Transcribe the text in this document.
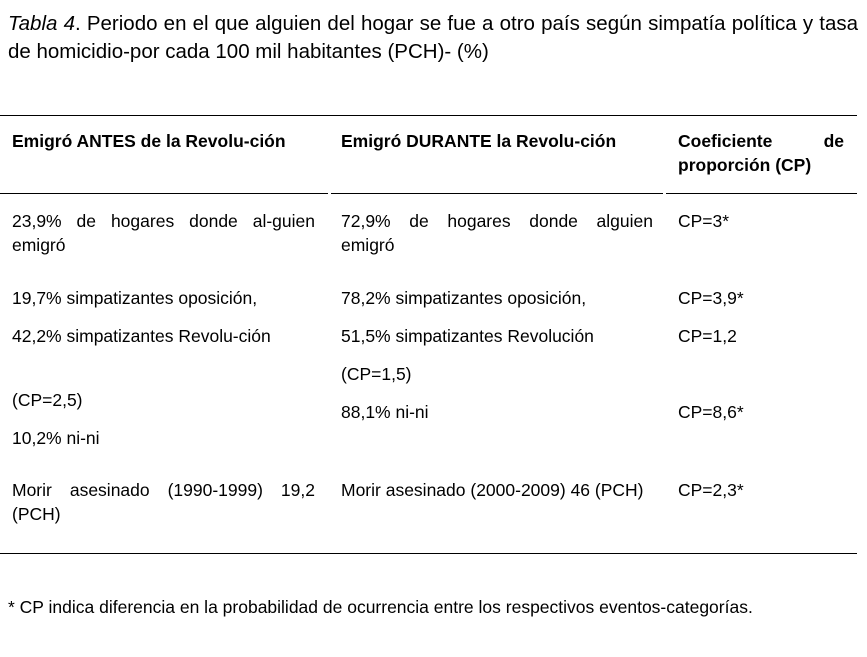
Tabla 4. Periodo en el que alguien del hogar se fue a otro país según simpatía política y tasa de homicidio-por cada 100 mil habitantes (PCH)- (%)
Emigró ANTES de la Revolu-ción	Emigró DURANTE la Revolu-ción	Coeficiente de proporción (CP)
23,9% de hogares donde al-guien emigró
19,7% simpatizantes oposición,
42,2% simpatizantes Revolu-ción
(CP=2,5)
10,2% ni-ni
Morir asesinado (1990-1999) 19,2 (PCH)
72,9% de hogares donde alguien emigró
78,2% simpatizantes oposición,
51,5% simpatizantes Revolución
(CP=1,5)
88,1% ni-ni
Morir asesinado (2000-2009) 46 (PCH)
CP=3*
CP=3,9*
CP=1,2
CP=8,6*
CP=2,3*
* CP indica diferencia en la probabilidad de ocurrencia entre los respectivos eventos-categorías.
